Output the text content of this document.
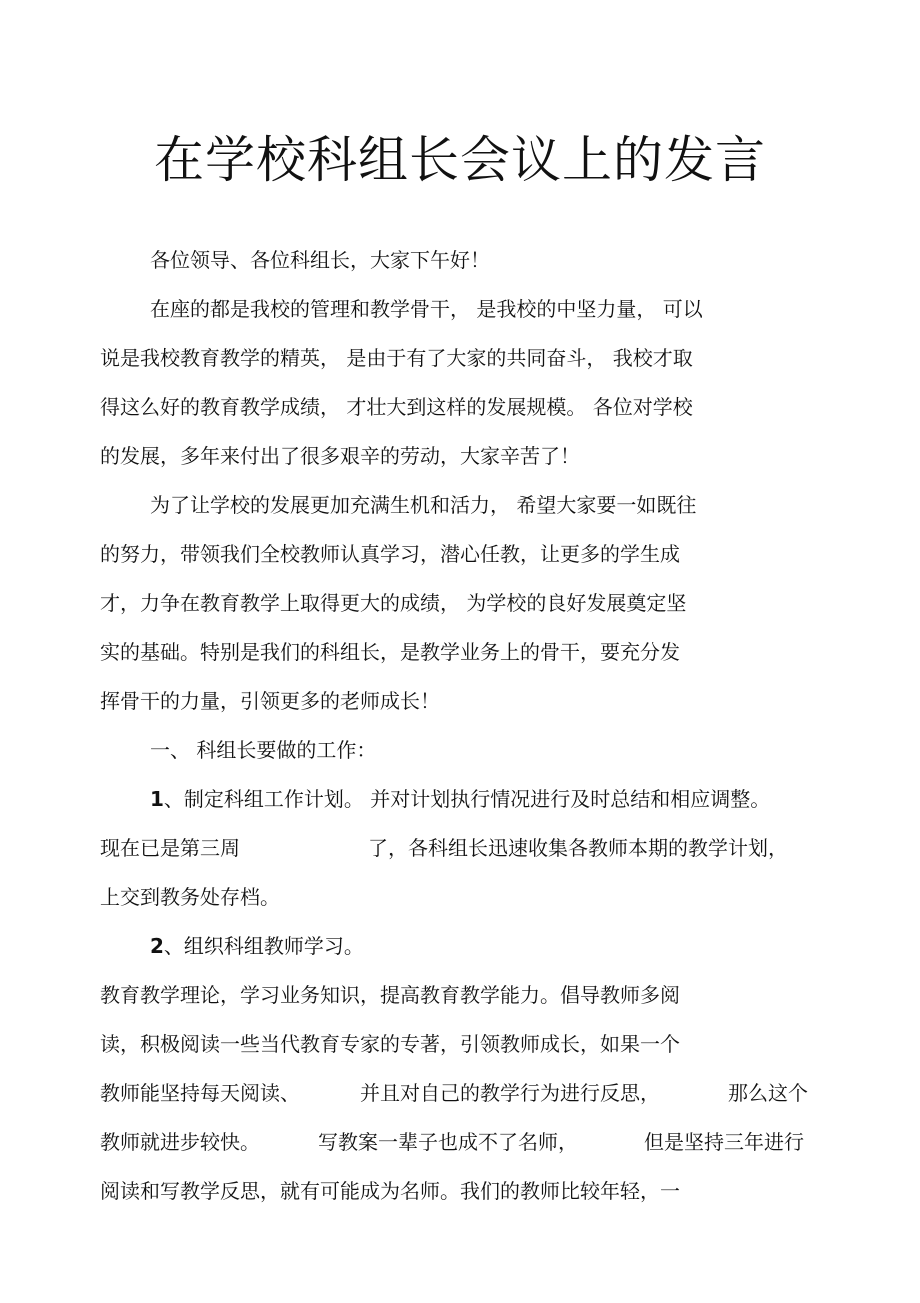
在学校科组长会议上的发言
各位领导、各位科组长，大家下午好！
在座的都是我校的管理和教学骨干， 是我校的中坚力量， 可以
说是我校教育教学的精英， 是由于有了大家的共同奋斗， 我校才取
得这么好的教育教学成绩， 才壮大到这样的发展规模。 各位对学校
的发展，多年来付出了很多艰辛的劳动，大家辛苦了！
为了让学校的发展更加充满生机和活力， 希望大家要一如既往
的努力，带领我们全校教师认真学习，潜心任教，让更多的学生成
才，力争在教育教学上取得更大的成绩， 为学校的良好发展奠定坚
实的基础。特别是我们的科组长，是教学业务上的骨干，要充分发
挥骨干的力量，引领更多的老师成长！
一、 科组长要做的工作：
1、制定科组工作计划。 并对计划执行情况进行及时总结和相应调整。
现在已是第三周	了，各科组长迅速收集各教师本期的教学计划，
上交到教务处存档。
2、组织科组教师学习。
教育教学理论，学习业务知识，提高教育教学能力。倡导教师多阅
读，积极阅读一些当代教育专家的专著，引领教师成长，如果一个
教师能坚持每天阅读、	并且对自己的教学行为进行反思，	那么这个
教师就进步较快。	写教案一辈子也成不了名师，	但是坚持三年进行
阅读和写教学反思，就有可能成为名师。我们的教师比较年轻，一
